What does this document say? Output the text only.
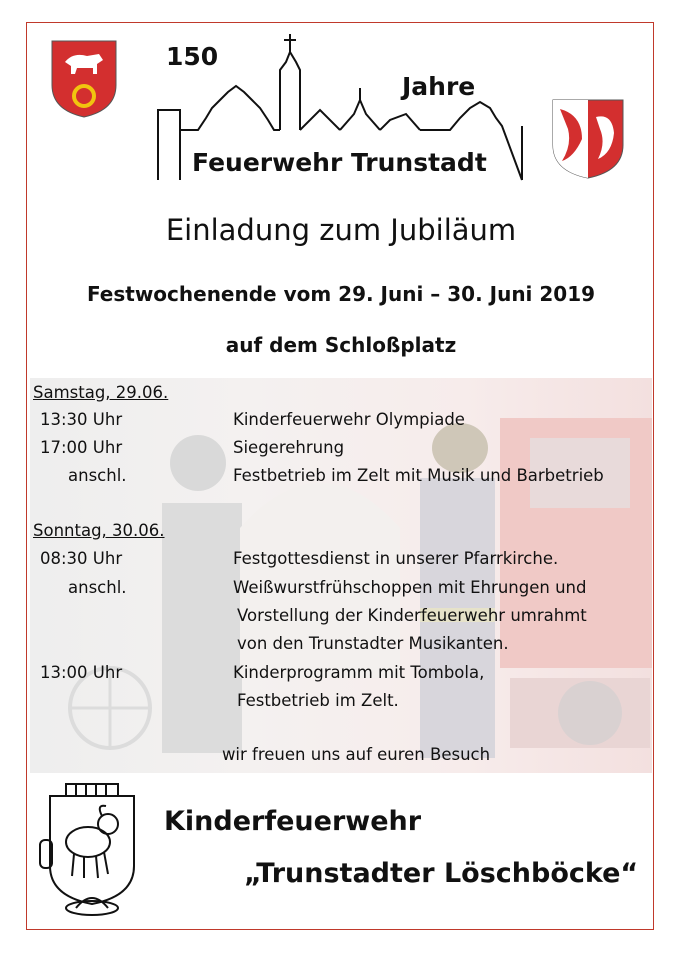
150
Jahre
Feuerwehr Trunstadt
Einladung zum Jubiläum
Festwochenende vom 29. Juni – 30. Juni 2019
auf dem Schloßplatz
Samstag, 29.06.
13:30 Uhr	Kinderfeuerwehr Olympiade
17:00 Uhr	Siegerehrung
anschl.	Festbetrieb im Zelt mit Musik und Barbetrieb
Sonntag, 30.06.
08:30 Uhr	Festgottesdienst in unserer Pfarrkirche.
anschl.	Weißwurstfrühschoppen mit Ehrungen und
Vorstellung der Kinderfeuerwehr umrahmt
von den Trunstadter Musikanten.
13:00 Uhr	Kinderprogramm mit Tombola,
Festbetrieb im Zelt.
wir freuen uns auf euren Besuch
Kinderfeuerwehr
„Trunstadter Löschböcke“
